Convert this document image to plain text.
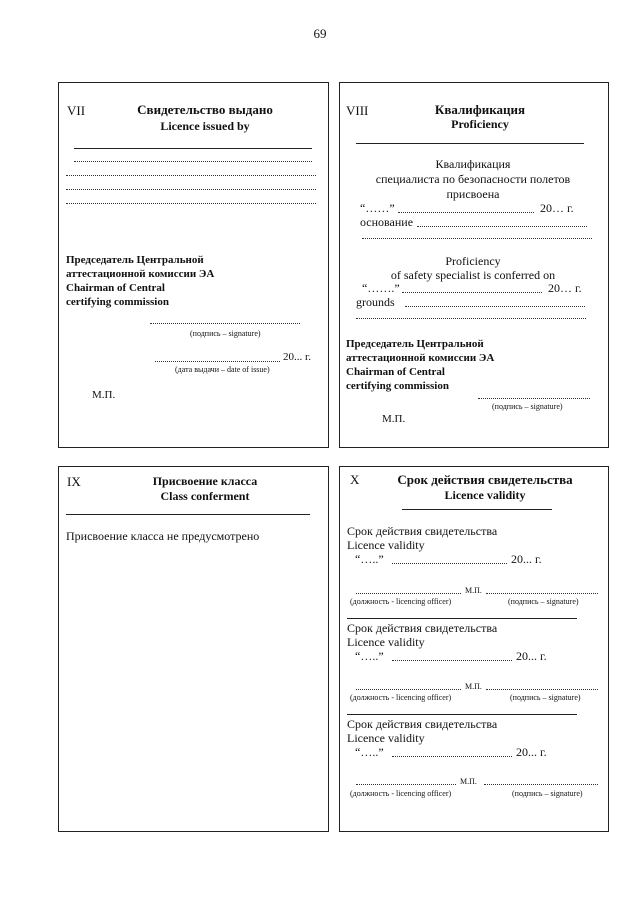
69
VII	Свидетельство выдано
Licence issued by
Председатель Центральной
аттестационной комиссии ЭА
Chairman of Central
certifying commission
(подпись – signature)
20... г.
(дата выдачи – date of issue)
М.П.
VIII	Квалификация
Proficiency
Квалификация
специалиста по безопасности полетов
присвоена
“……”	20… г.
основание
Proficiency
of safety specialist is conferred on
“…….”	20… г.
grounds
Председатель Центральной
аттестационной комиссии ЭА
Chairman of Central
certifying commission
(подпись – signature)
М.П.
IX	Присвоение класса
Class conferment
Присвоение класса не предусмотрено
X	Срок действия свидетельства
Licence validity
Срок действия свидетельства
Licence validity
“…..”	20... г.
М.П.
(должность - licencing officer)	(подпись – signature)
Срок действия свидетельства
Licence validity
“…..”	20... г.
М.П.
(должность - licencing officer)	(подпись – signature)
Срок действия свидетельства
Licence validity
“…..”	20... г.
М.П.
(должность - licencing officer)	(подпись – signature)
